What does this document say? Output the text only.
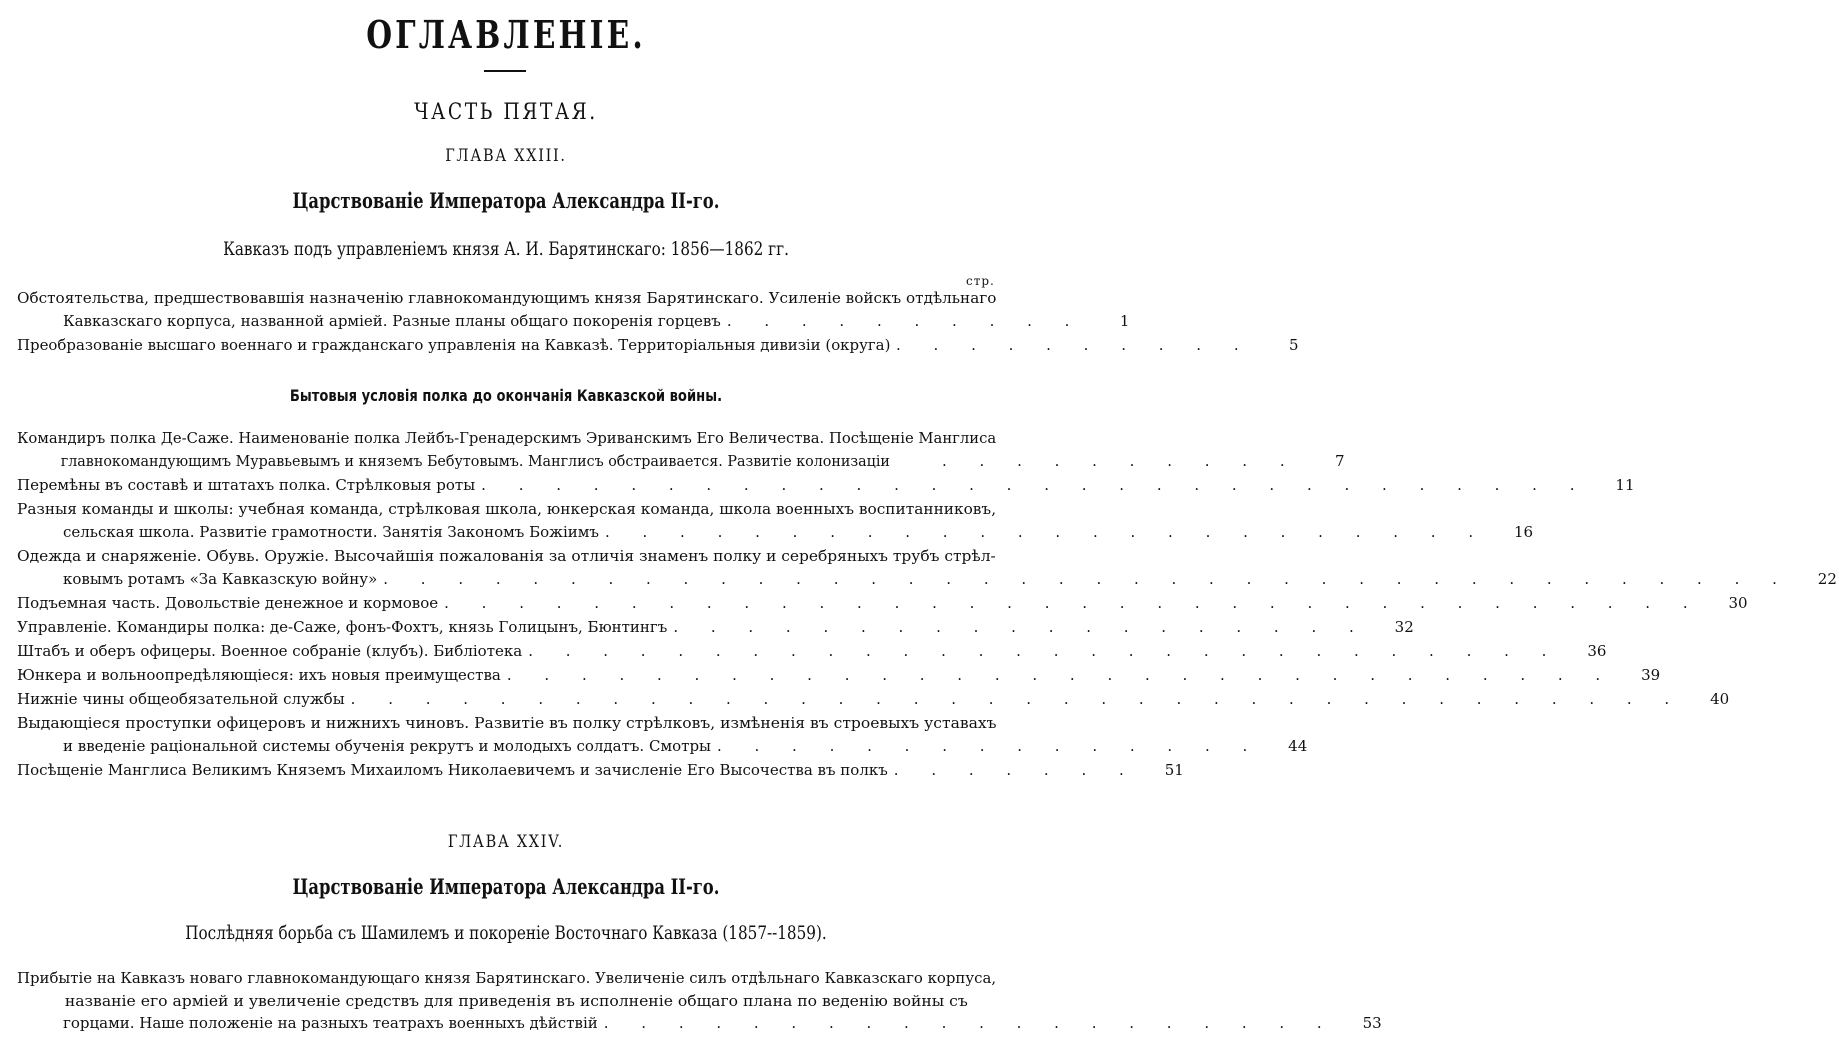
ОГЛАВЛЕНІЕ.
ЧАСТЬ ПЯТАЯ.
ГЛАВА XXIII.
Царствованіе Императора Александра II-го.
Кавказъ подъ управленіемъ князя А. И. Барятинскаго: 1856—1862 гг.
стр.
Обстоятельства, предшествовавшія назначенію главнокомандующимъ князя Барятинскаго. Усиленіе войскъ отдѣльнаго
Кавказскаго корпуса, названной арміей. Разные планы общаго покоренія горцевъ . . . . . . . . . .	1
Преобразованіе высшаго военнаго и гражданскаго управленія на Кавказѣ. Территоріальныя дивизіи (округа) . . . . . . . . . .	5
Бытовыя условія полка до окончанія Кавказской войны.
Командиръ полка Де-Саже. Наименованіе полка Лейбъ-Гренадерскимъ Эриванскимъ Его Величества. Посѣщеніе Манглиса
главнокомандующимъ Муравьевымъ и княземъ Бебутовымъ. Манглисъ обстраивается. Развитіе колонизаціи	. . . . . . . . . .	7
Перемѣны въ составѣ и штатахъ полка. Стрѣлковыя роты . . . . . . . . . . . . . . . . . . . . . . . . . . . . . .	11
Разныя команды и школы: учебная команда, стрѣлковая школа, юнкерская команда, школа военныхъ воспитанниковъ,
сельская школа. Развитіе грамотности. Занятія Закономъ Божіимъ . . . . . . . . . . . . . . . . . . . . . . . .	16
Одежда и снаряженіе. Обувь. Оружіе. Высочайшія пожалованія за отличія знаменъ полку и серебряныхъ трубъ стрѣл-
ковымъ ротамъ «За Кавказскую войну» . . . . . . . . . . . . . . . . . . . . . . . . . . . . . . . . . . . . . .	22
Подъемная часть. Довольствіе денежное и кормовое . . . . . . . . . . . . . . . . . . . . . . . . . . . . . . . . . .	30
Управленіе. Командиры полка: де-Саже, фонъ-Фохтъ, князь Голицынъ, Бюнтингъ . . . . . . . . . . . . . . . . . . .	32
Штабъ и оберъ офицеры. Военное собраніе (клубъ). Библіотека . . . . . . . . . . . . . . . . . . . . . . . . . . . .	36
Юнкера и вольноопредѣляющіеся: ихъ новыя преимущества . . . . . . . . . . . . . . . . . . . . . . . . . . . . . .	39
Нижніе чины общеобязательной службы . . . . . . . . . . . . . . . . . . . . . . . . . . . . . . . . . . . .	40
Выдающіеся проступки офицеровъ и нижнихъ чиновъ. Развитіе въ полку стрѣлковъ, измѣненія въ строевыхъ уставахъ
и введеніе раціональной системы обученія рекрутъ и молодыхъ солдатъ. Смотры . . . . . . . . . . . . . . .	44
Посѣщеніе Манглиса Великимъ Княземъ Михаиломъ Николаевичемъ и зачисленіе Его Высочества въ полкъ . . . . . . .	51
ГЛАВА XXIV.
Царствованіе Императора Александра II-го.
Послѣдняя борьба съ Шамилемъ и покореніе Восточнаго Кавказа (1857--1859).
Прибытіе на Кавказъ новаго главнокомандующаго князя Барятинскаго. Увеличеніе силъ отдѣльнаго Кавказскаго корпуса,
названіе его арміей и увеличеніе средствъ для приведенія въ исполненіе общаго плана по веденію войны съ
горцами. Наше положеніе на разныхъ театрахъ военныхъ дѣйствій . . . . . . . . . . . . . . . . . . . .	53
